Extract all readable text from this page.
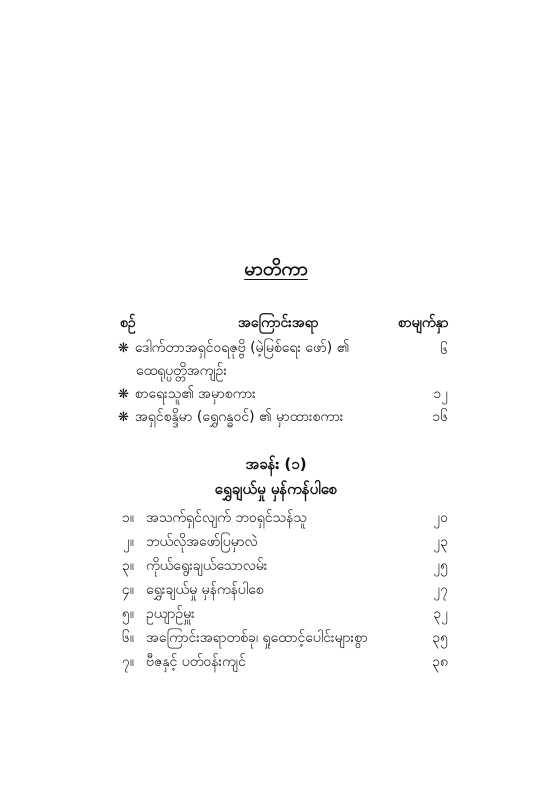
မာတိကာ
စဉ်	အကြောင်းအရာ	စာမျက်နှာ
❋ ဒေါက်တာအရှင်ဝရဇုဗ္ဗိ (မဲ့မြစ်ရေး ဖော်) ၏
ထေရုပ္ပတ္တိအကျဉ်း
၆
❋ စာရေးသူ၏ အမှာစကား	၁၂
❋ အရှင်စန္ဒိမာ (ရွှေဂန္ဓဝင်) ၏ မှာထားစကား	၁၆
အခန်း (၁)
ရွှေချယ်မှု မှန်ကန်ပါစေ
၁။ အသက်ရှင်လျက် ဘဝရှင်သန်သူ	၂၀
၂။ ဘယ်လိုအဖော်ပြမှာလဲ	၂၃
၃။ ကိုယ်ရွေးချယ်သောလမ်း	၂၅
၄။ ရွှေးချယ်မှု မှန်ကန်ပါစေ	၂၇
၅။ ဥယျာဉ်မှူး	၃၂
၆။ အကြောင်းအရာတစ်ခု၊ ရှုထောင့်ပေါင်းများစွာ	၃၅
၇။ ဗီဇနှင့် ပတ်ဝန်းကျင်	၃၈
